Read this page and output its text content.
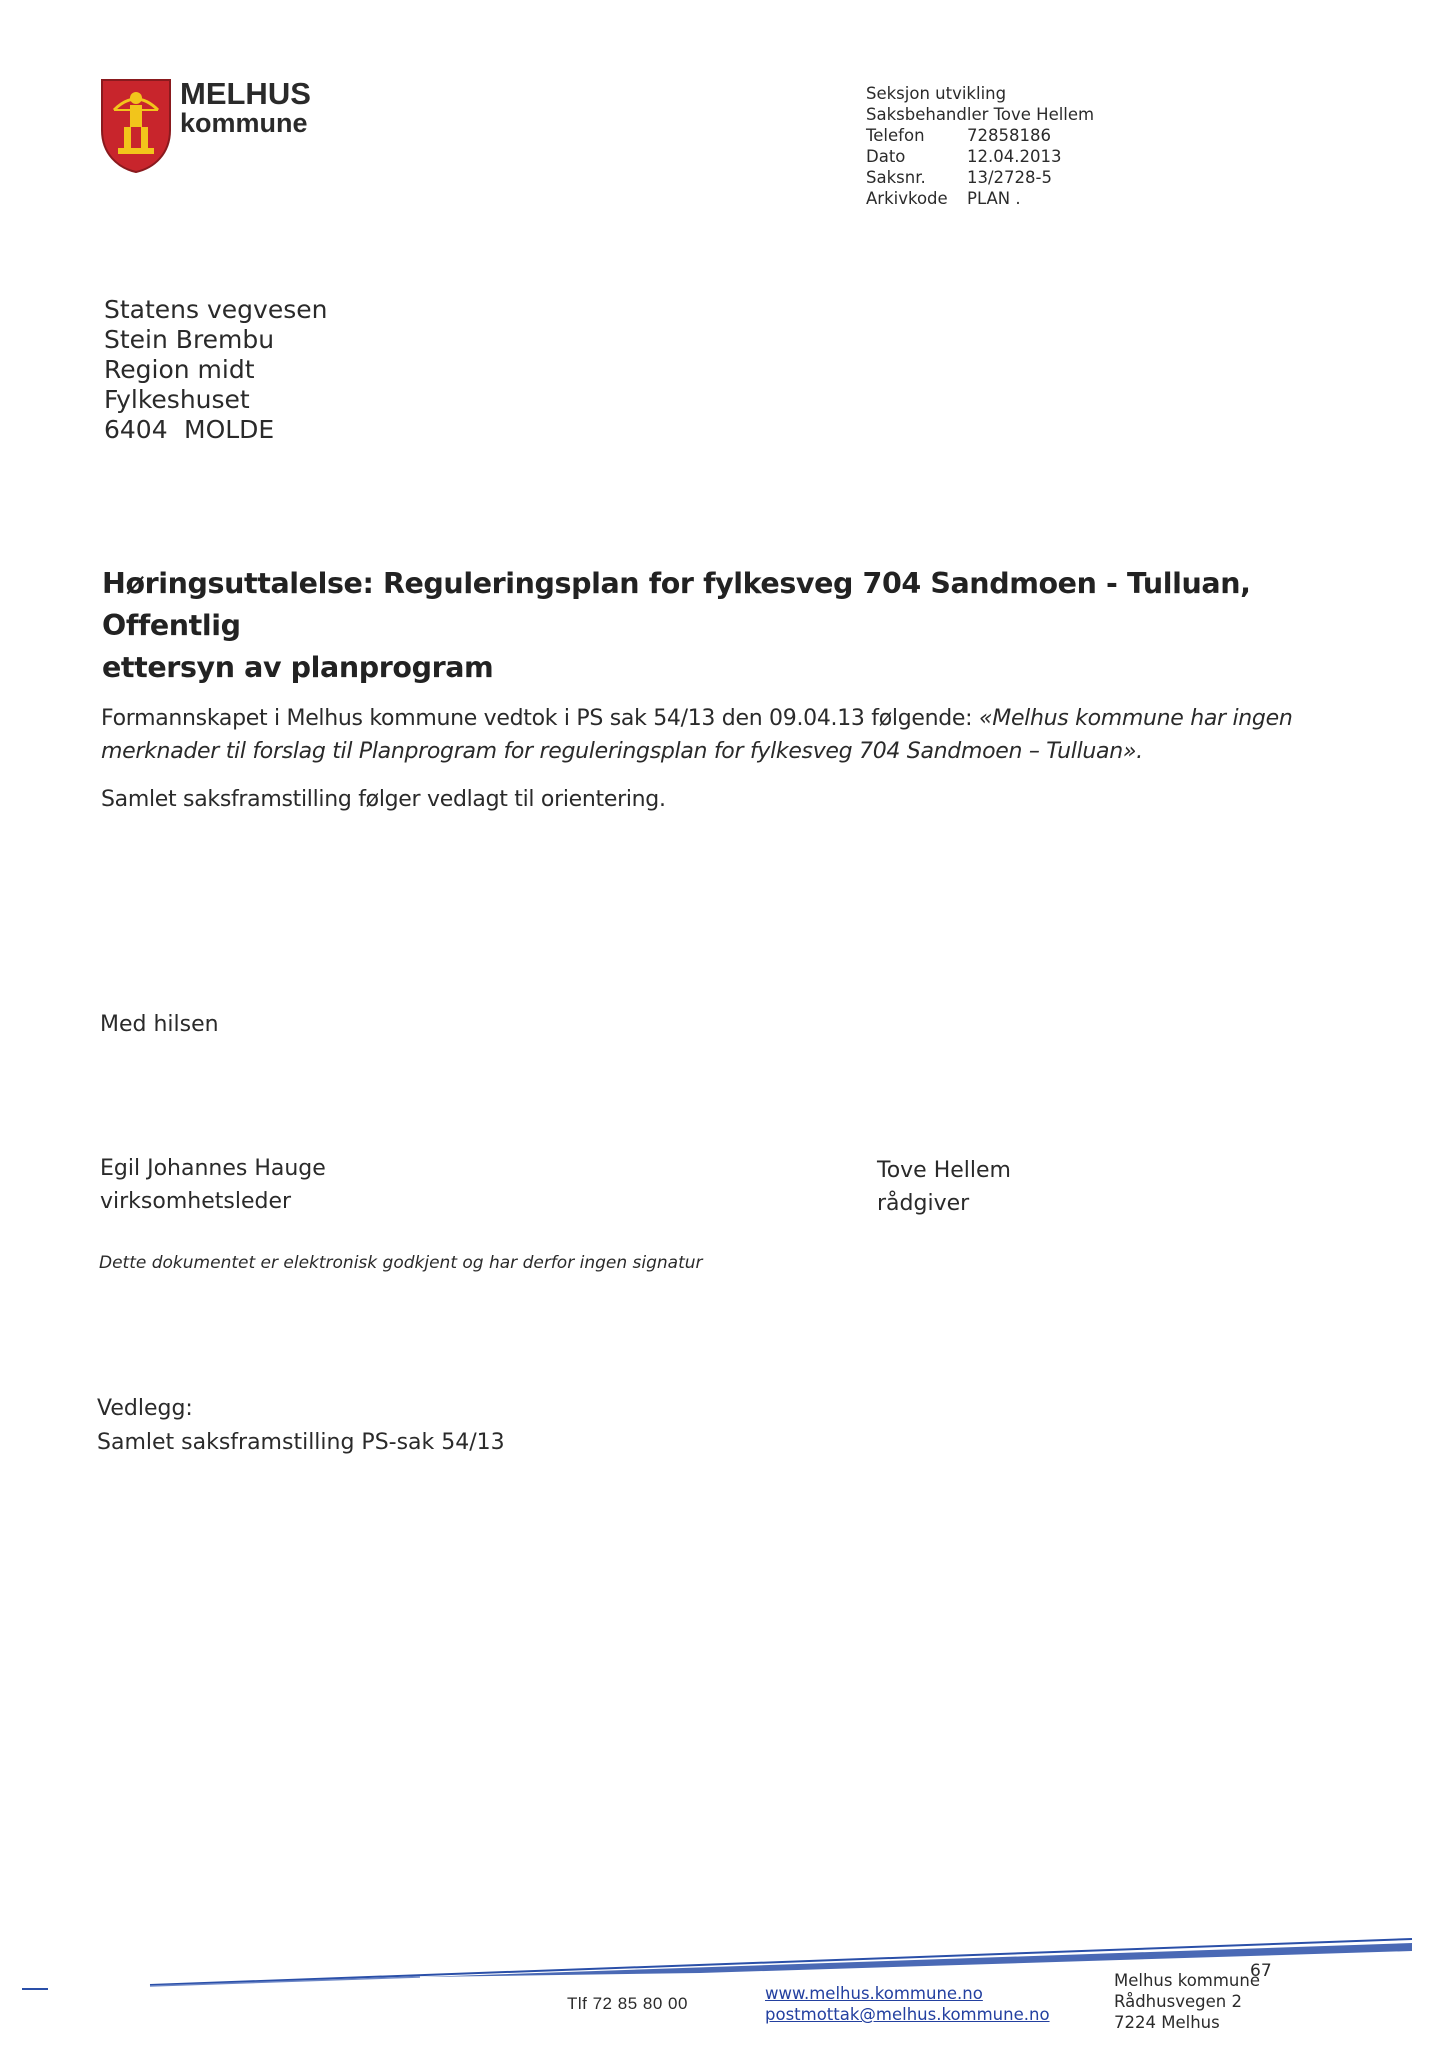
MELHUS
kommune
Seksjon utvikling
Saksbehandler Tove Hellem
Telefon	72858186
Dato	12.04.2013
Saksnr.	13/2728-5
Arkivkode PLAN .
Statens vegvesen
Stein Brembu
Region midt
Fylkeshuset
6404 MOLDE
Høringsuttalelse: Reguleringsplan for fylkesveg 704 Sandmoen - Tulluan, Offentlig
ettersyn av planprogram
Formannskapet i Melhus kommune vedtok i PS sak 54/13 den 09.04.13 følgende: «Melhus kommune har ingen merknader til forslag til Planprogram for reguleringsplan for fylkesveg 704 Sandmoen – Tulluan».
Samlet saksframstilling følger vedlagt til orientering.
Med hilsen
Egil Johannes Hauge
virksomhetsleder
Tove Hellem
rådgiver
Dette dokumentet er elektronisk godkjent og har derfor ingen signatur
Vedlegg:
Samlet saksframstilling PS-sak 54/13
Tlf 72 85 80 00
www.melhus.kommune.no
postmottak@melhus.kommune.no
Melhus kommune
Rådhusvegen 2
7224 Melhus
67
